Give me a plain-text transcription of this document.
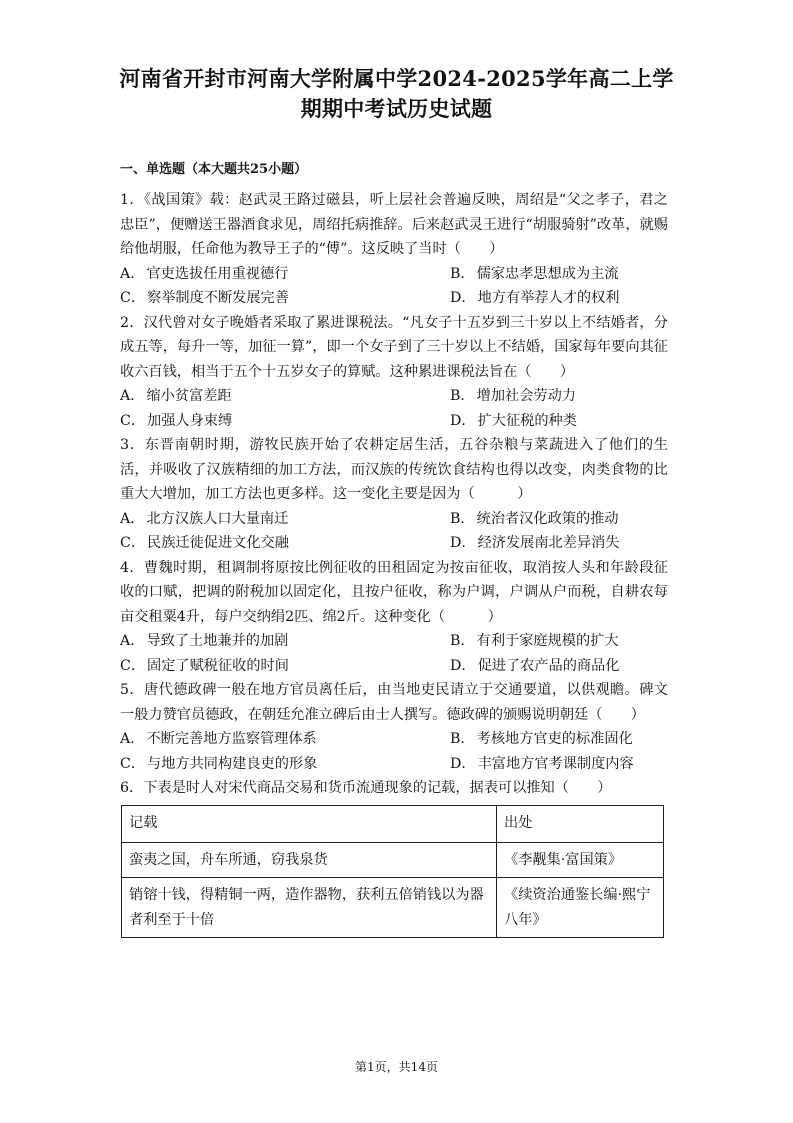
河南省开封市河南大学附属中学2024-2025学年高二上学
期期中考试历史试题
一、单选题（本大题共25小题）

1．《战国策》载：赵武灵王路过磁县，听上层社会普遍反映，周绍是“父之孝子，君之忠臣”，便赠送王器酒食求见，周绍托病推辞。后来赵武灵王进行“胡服骑射”改革，就赐给他胡服，任命他为教导王子的“傅”。这反映了当时（　　）

A． 官吏选拔任用重视德行	B． 儒家忠孝思想成为主流
C． 察举制度不断发展完善	D． 地方有举荐人才的权利

2．汉代曾对女子晚婚者采取了累进课税法。“凡女子十五岁到三十岁以上不结婚者，分成五等，每升一等，加征一算”，即一个女子到了三十岁以上不结婚，国家每年要向其征收六百钱，相当于五个十五岁女子的算赋。这种累进课税法旨在（　　）

A． 缩小贫富差距	B． 增加社会劳动力
C． 加强人身束缚	D． 扩大征税的种类

3．东晋南朝时期，游牧民族开始了农耕定居生活，五谷杂粮与菜蔬进入了他们的生活，并吸收了汉族精细的加工方法，而汉族的传统饮食结构也得以改变，肉类食物的比重大大增加，加工方法也更多样。这一变化主要是因为（　　　）

A． 北方汉族人口大量南迁	B． 统治者汉化政策的推动
C． 民族迁徙促进文化交融	D． 经济发展南北差异消失

4．曹魏时期，租调制将原按比例征收的田租固定为按亩征收，取消按人头和年龄段征收的口赋，把调的附税加以固定化，且按户征收，称为户调，户调从户而税，自耕农每亩交租粟4升，每户交纳绢2匹、绵2斤。这种变化（　　　）

A． 导致了土地兼并的加剧	B． 有利于家庭规模的扩大
C． 固定了赋税征收的时间	D． 促进了农产品的商品化

5．唐代德政碑一般在地方官员离任后，由当地吏民请立于交通要道，以供观瞻。碑文一般力赞官员德政，在朝廷允准立碑后由士人撰写。德政碑的颁赐说明朝廷（　　）

A． 不断完善地方监察管理体系	B． 考核地方官吏的标准固化
C． 与地方共同构建良吏的形象	D． 丰富地方官考课制度内容

6．下表是时人对宋代商品交易和货币流通现象的记载，据表可以推知（　　）

记载	出处
蛮夷之国，舟车所通，窃我泉货	《李觏集·富国策》
销镕十钱，得精铜一两，造作器物，获利五倍销钱以为器者利至于十倍	《续资治通鉴长编·熙宁八年》
第1页，共14页
